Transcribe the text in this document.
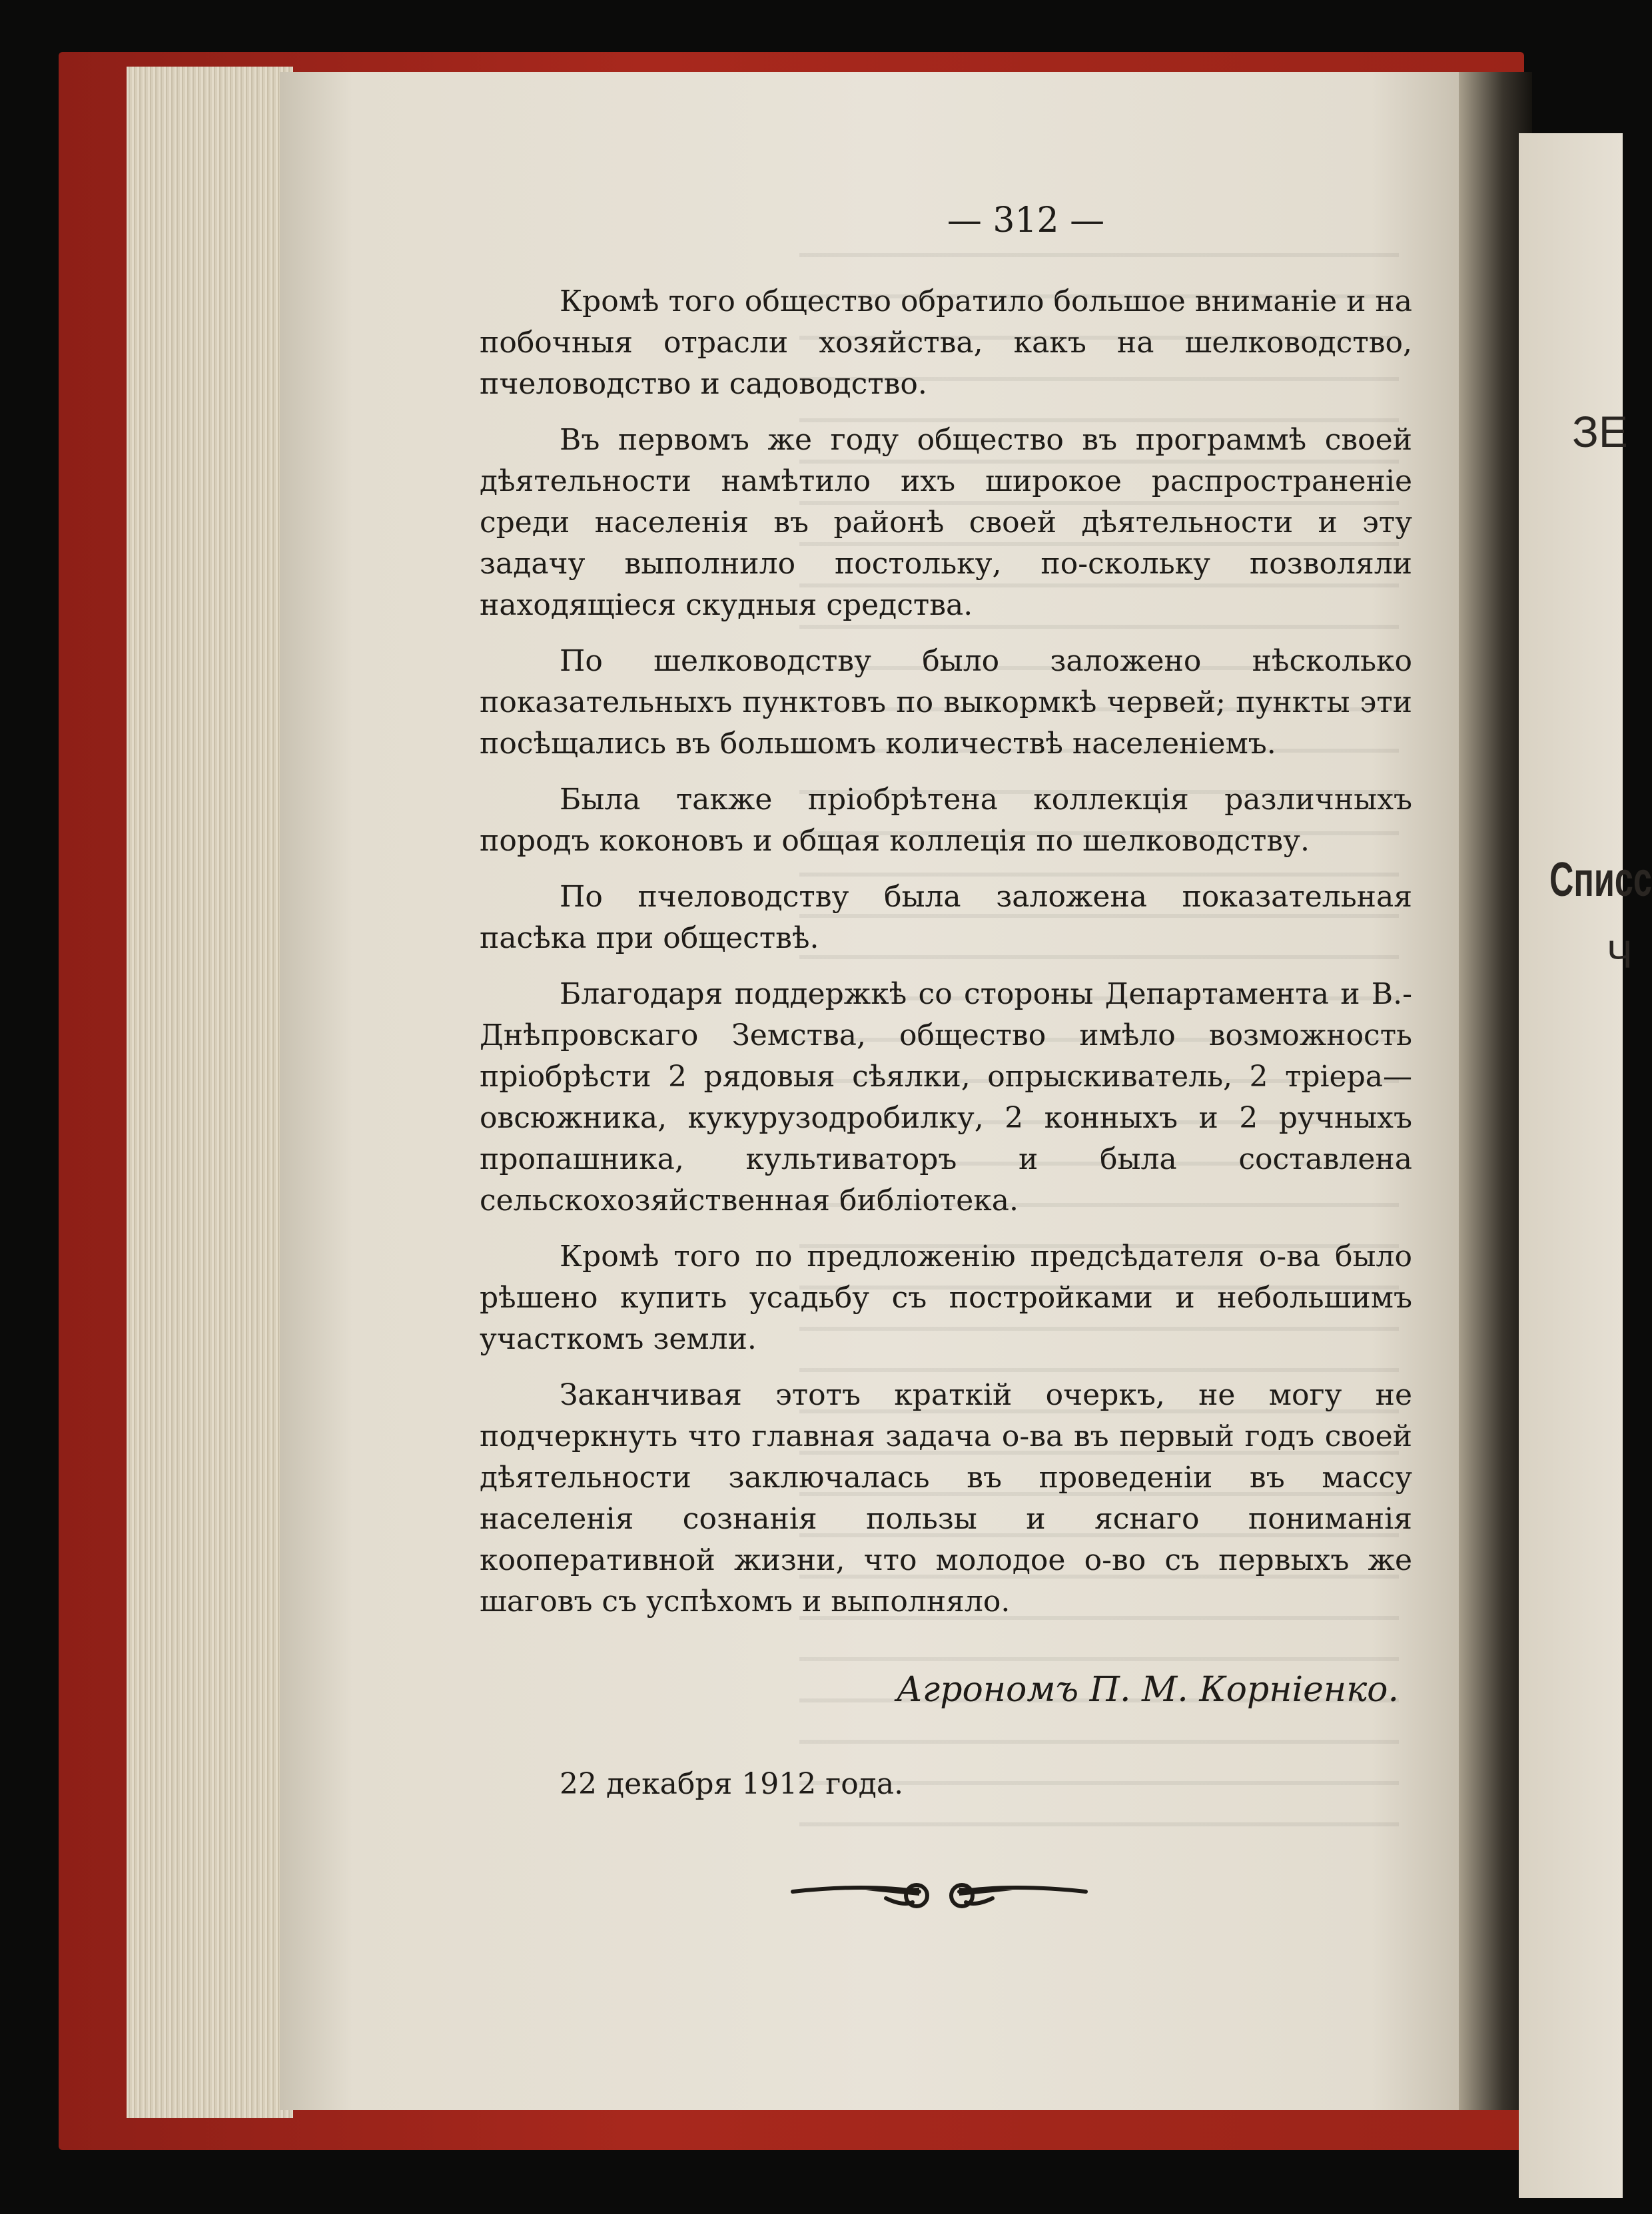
ЗЕ
Списс
Ч
— 312 —

Кромѣ того общество обратило большое вниманіе и на побочныя отрасли хозяйства, какъ на шелководство, пчеловодство и садоводство.

Въ первомъ же году общество въ программѣ своей дѣятельности намѣтило ихъ широкое распространеніе среди населенія въ районѣ своей дѣятельности и эту задачу выполнило постольку, по-скольку позволяли находящіеся скудныя средства.

По шелководству было заложено нѣсколько показательныхъ пунктовъ по выкормкѣ червей; пункты эти посѣщались въ большомъ количествѣ населеніемъ.

Была также пріобрѣтена коллекція различныхъ породъ коконовъ и общая коллеція по шелководству.

По пчеловодству была заложена показательная пасѣка при обществѣ.

Благодаря поддержкѣ со стороны Департамента и В.-Днѣпровскаго Земства, общество имѣло возможность пріобрѣсти 2 рядовыя сѣялки, опрыскиватель, 2 тріера—овсюжника, кукурузодробилку, 2 конныхъ и 2 ручныхъ пропашника, культиваторъ и была составлена сельскохозяйственная библіотека.

Кромѣ того по предложенію предсѣдателя о-ва было рѣшено купить усадьбу съ постройками и небольшимъ участкомъ земли.

Заканчивая этотъ краткій очеркъ, не могу не подчеркнуть что главная задача о-ва въ первый годъ своей дѣятельности заключалась въ проведеніи въ массу населенія сознанія пользы и яснаго пониманія кооперативной жизни, что молодое о-во съ первыхъ же шаговъ съ успѣхомъ и выполняло.

Агрономъ П. М. Корніенко.
22 декабря 1912 года.
